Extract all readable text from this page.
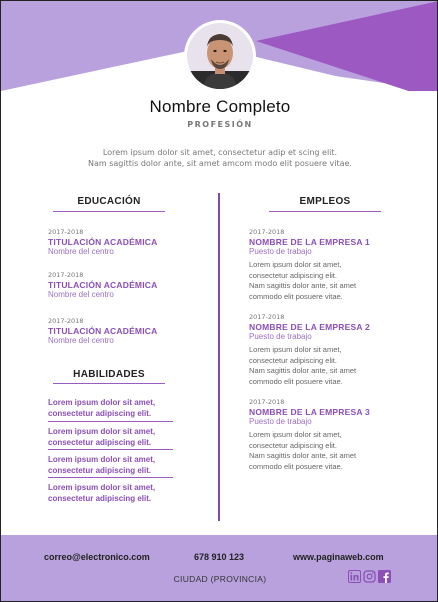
Nombre Completo
PROFESIÓN
Lorem ipsum dolor sit amet, consectetur adip et scing elit.
Nam sagittis dolor ante, sit amet amcom modo elit posuere vitae.
EDUCACIÓN
2017-2018
TITULACIÓN ACADÉMICA
Nombre del centro
2017-2018
TITULACIÓN ACADÉMICA
Nombre del centro
2017-2018
TITULACIÓN ACADÉMICA
Nombre del centro
HABILIDADES
Lorem ipsum dolor sit amet,
consectetur adipiscing elit.
Lorem ipsum dolor sit amet,
consectetur adipiscing elit.
Lorem ipsum dolor sit amet,
consectetur adipiscing elit.
Lorem ipsum dolor sit amet,
consectetur adipiscing elit.
EMPLEOS
2017-2018
NOMBRE DE LA EMPRESA 1
Puesto de trabajo
Lorem ipsum dolor sit amet,
consectetur adipiscing elit.
Nam sagittis dolor ante, sit amet
commodo elit posuere vitae.
2017-2018
NOMBRE DE LA EMPRESA 2
Puesto de trabajo
Lorem ipsum dolor sit amet,
consectetur adipiscing elit.
Nam sagittis dolor ante, sit amet
commodo elit posuere vitae.
2017-2018
NOMBRE DE LA EMPRESA 3
Puesto de trabajo
Lorem ipsum dolor sit amet,
consectetur adipiscing elit.
Nam sagittis dolor ante, sit amet
commodo elit posuere vitae.
correo@electronico.com	678 910 123	www.paginaweb.com
CIUDAD (PROVINCIA)
